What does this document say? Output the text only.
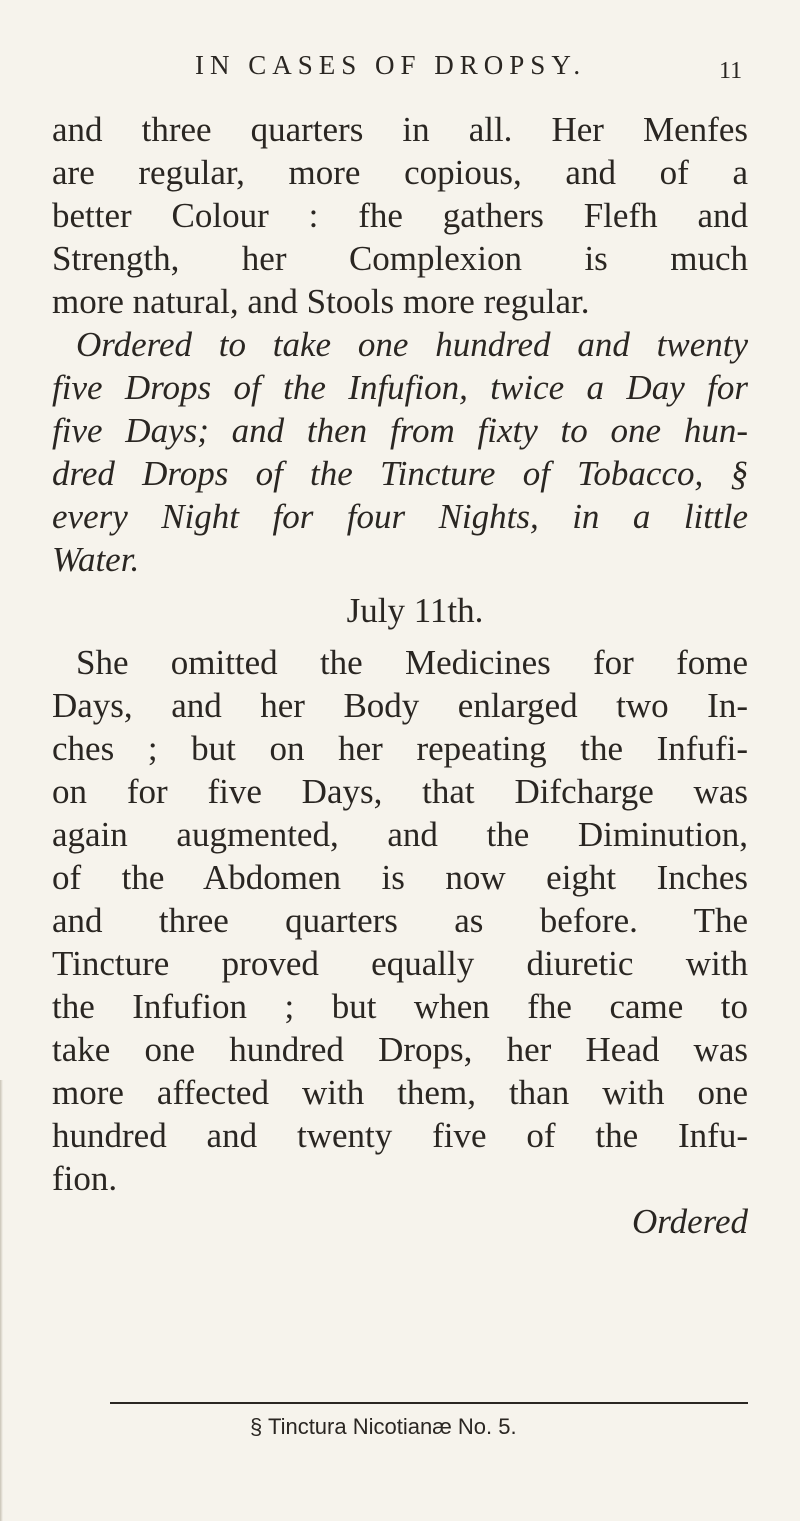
IN CASES OF DROPSY.	11
and three quarters in all. Her Menfes
are regular, more copious, and of a
better Colour : fhe gathers Flefh and
Strength, her Complexion is much
more natural, and Stools more regular.
Ordered to take one hundred and twenty
five Drops of the Infufion, twice a Day for
five Days; and then from fixty to one hun-
dred Drops of the Tincture of Tobacco, §
every Night for four Nights, in a little
Water.
July 11th.
She omitted the Medicines for fome
Days, and her Body enlarged two In-
ches ; but on her repeating the Infufi-
on for five Days, that Difcharge was
again augmented, and the Diminution,
of the Abdomen is now eight Inches
and three quarters as before. The
Tincture proved equally diuretic with
the Infufion ; but when fhe came to
take one hundred Drops, her Head was
more affected with them, than with one
hundred and twenty five of the Infu-
fion.
Ordered
§ Tinctura Nicotianæ No. 5.
